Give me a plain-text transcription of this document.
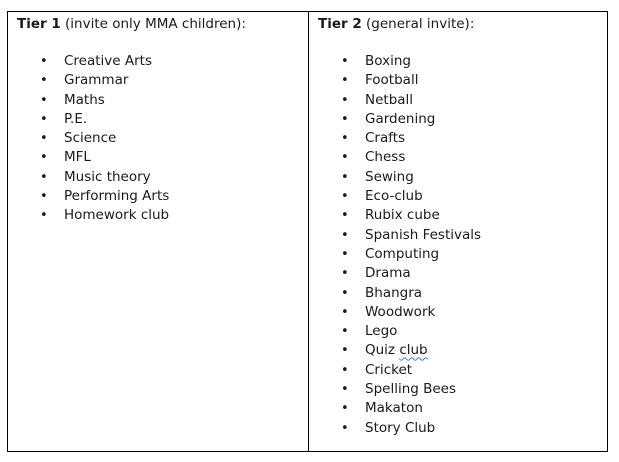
Tier 1 (invite only MMA children):
• Creative Arts
• Grammar
• Maths
• P.E.
• Science
• MFL
• Music theory
• Performing Arts
• Homework club
Tier 2 (general invite):
• Boxing
• Football
• Netball
• Gardening
• Crafts
• Chess
• Sewing
• Eco-club
• Rubix cube
• Spanish Festivals
• Computing
• Drama
• Bhangra
• Woodwork
• Lego
• Quiz club
• Cricket
• Spelling Bees
• Makaton
• Story Club
